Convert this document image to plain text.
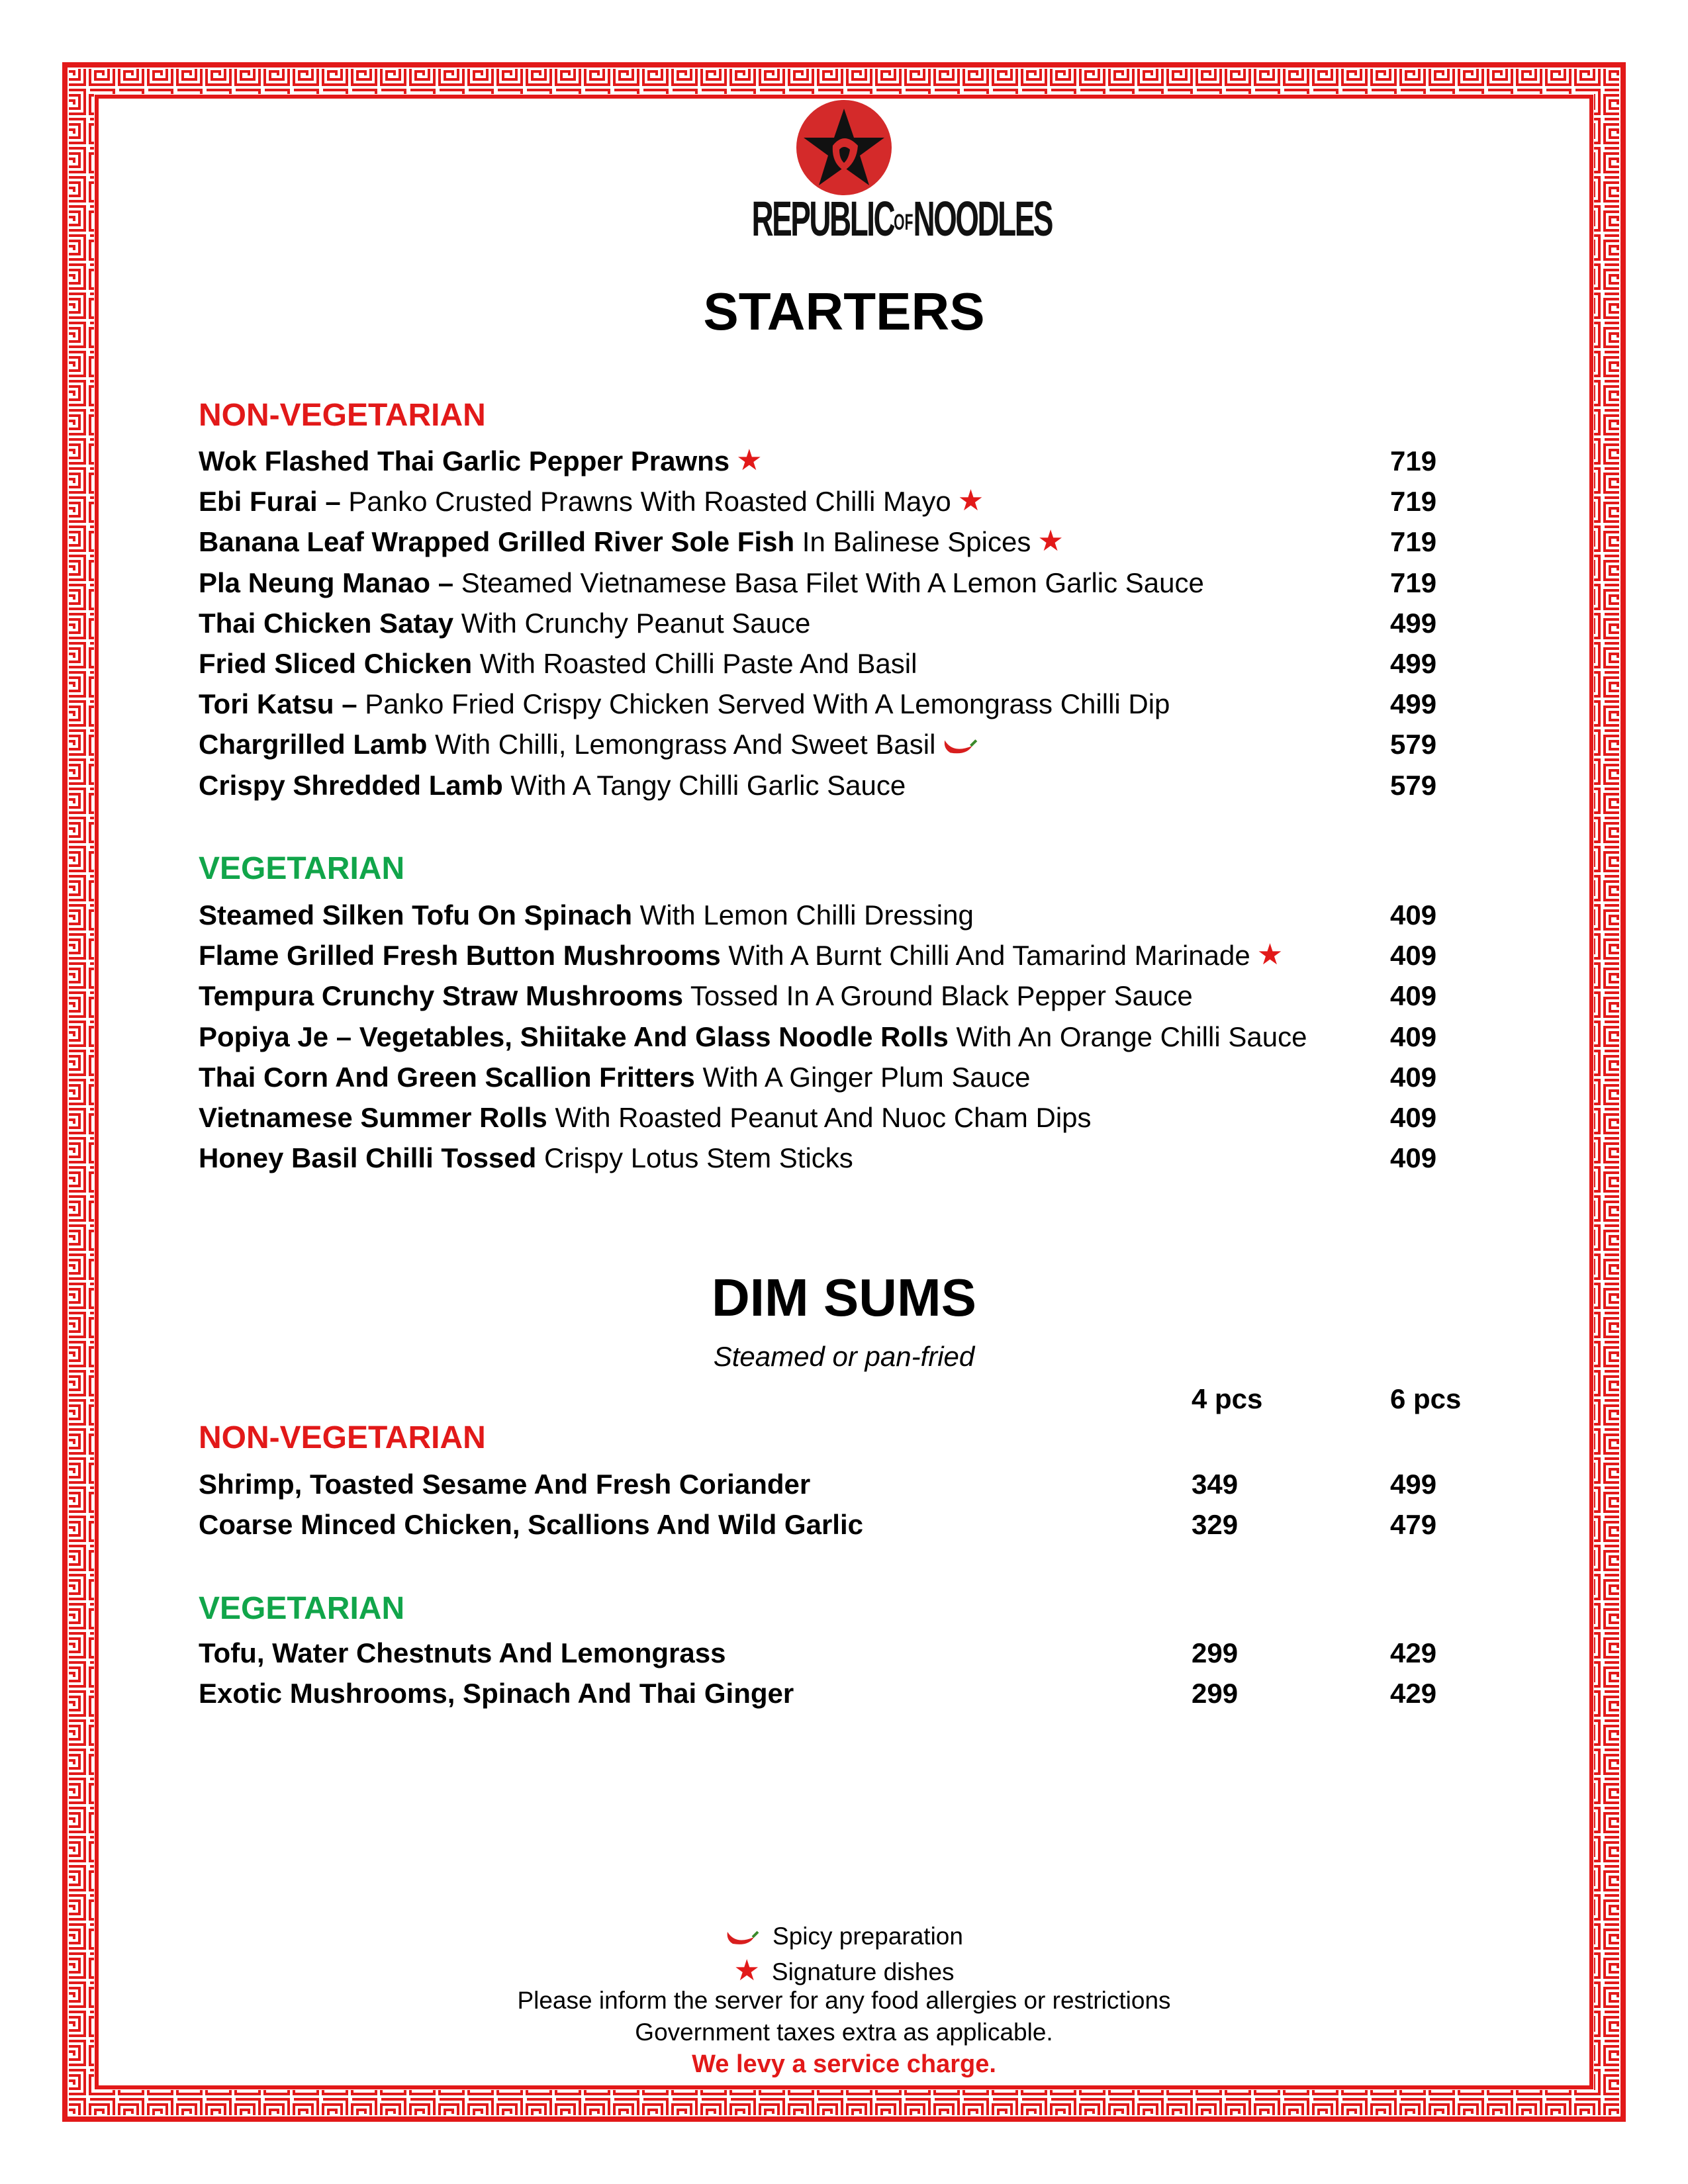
REPUBLICOFNOODLES
STARTERS
NON-VEGETARIAN
Wok Flashed Thai Garlic Pepper Prawns ★	719
Ebi Furai – Panko Crusted Prawns With Roasted Chilli Mayo ★	719
Banana Leaf Wrapped Grilled River Sole Fish In Balinese Spices ★	719
Pla Neung Manao – Steamed Vietnamese Basa Filet With A Lemon Garlic Sauce	719
Thai Chicken Satay With Crunchy Peanut Sauce	499
Fried Sliced Chicken With Roasted Chilli Paste And Basil	499
Tori Katsu – Panko Fried Crispy Chicken Served With A Lemongrass Chilli Dip	499
Chargrilled Lamb With Chilli, Lemongrass And Sweet Basil	579
Crispy Shredded Lamb With A Tangy Chilli Garlic Sauce	579
VEGETARIAN
Steamed Silken Tofu On Spinach With Lemon Chilli Dressing	409
Flame Grilled Fresh Button Mushrooms With A Burnt Chilli And Tamarind Marinade ★	409
Tempura Crunchy Straw Mushrooms Tossed In A Ground Black Pepper Sauce	409
Popiya Je – Vegetables, Shiitake And Glass Noodle Rolls With An Orange Chilli Sauce	409
Thai Corn And Green Scallion Fritters With A Ginger Plum Sauce	409
Vietnamese Summer Rolls With Roasted Peanut And Nuoc Cham Dips	409
Honey Basil Chilli Tossed Crispy Lotus Stem Sticks	409
DIM SUMS
Steamed or pan-fried
4 pcs	6 pcs
NON-VEGETARIAN
Shrimp, Toasted Sesame And Fresh Coriander	349	499
Coarse Minced Chicken, Scallions And Wild Garlic	329	479
VEGETARIAN
Tofu, Water Chestnuts And Lemongrass	299	429
Exotic Mushrooms, Spinach And Thai Ginger	299	429
Spicy preparation
★ Signature dishes
Please inform the server for any food allergies or restrictions
Government taxes extra as applicable.
We levy a service charge.
